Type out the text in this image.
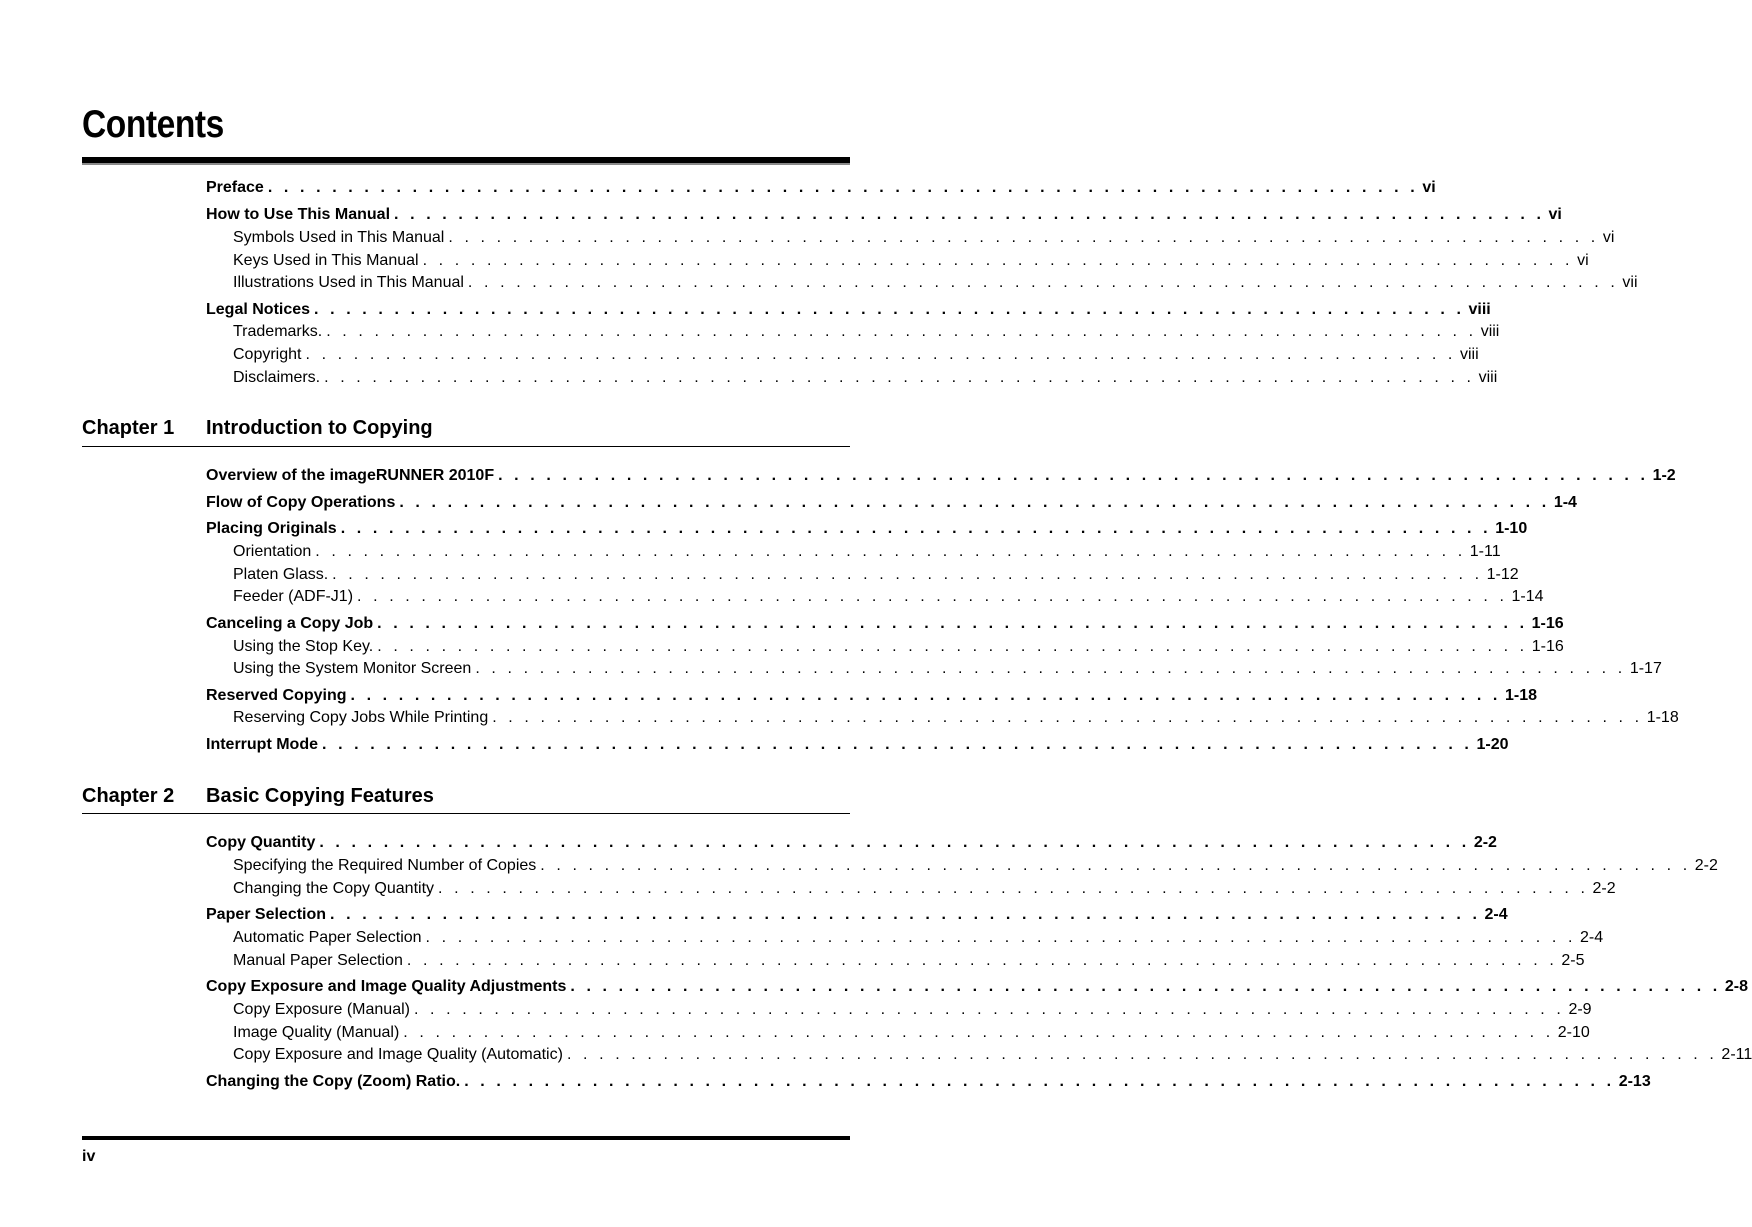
Contents
Preface . . . . . . . . . . . . . . . . . . . . . . . . . . . . . . . . . . . . . . . . . . . . . . . . . . . . . . . . . . . . . . . . . . . . . . . . vi
How to Use This Manual . . . . . . . . . . . . . . . . . . . . . . . . . . . . . . . . . . . . . . . . . . . . . . . . . . . . . . . . . . . . . . . . . . . . . . . . vi
Symbols Used in This Manual . . . . . . . . . . . . . . . . . . . . . . . . . . . . . . . . . . . . . . . . . . . . . . . . . . . . . . . . . . . . . . . . . . . . . . . . vi
Keys Used in This Manual . . . . . . . . . . . . . . . . . . . . . . . . . . . . . . . . . . . . . . . . . . . . . . . . . . . . . . . . . . . . . . . . . . . . . . . . vi
Illustrations Used in This Manual . . . . . . . . . . . . . . . . . . . . . . . . . . . . . . . . . . . . . . . . . . . . . . . . . . . . . . . . . . . . . . . . . . . . . . . . vii
Legal Notices . . . . . . . . . . . . . . . . . . . . . . . . . . . . . . . . . . . . . . . . . . . . . . . . . . . . . . . . . . . . . . . . . . . . . . . . viii
Trademarks. . . . . . . . . . . . . . . . . . . . . . . . . . . . . . . . . . . . . . . . . . . . . . . . . . . . . . . . . . . . . . . . . . . . . . . . . viii
Copyright . . . . . . . . . . . . . . . . . . . . . . . . . . . . . . . . . . . . . . . . . . . . . . . . . . . . . . . . . . . . . . . . . . . . . . . . viii
Disclaimers. . . . . . . . . . . . . . . . . . . . . . . . . . . . . . . . . . . . . . . . . . . . . . . . . . . . . . . . . . . . . . . . . . . . . . . . . viii
Chapter 1 Introduction to Copying
Overview of the imageRUNNER 2010F . . . . . . . . . . . . . . . . . . . . . . . . . . . . . . . . . . . . . . . . . . . . . . . . . . . . . . . . . . . . . . . . . . . . . . . . 1-2
Flow of Copy Operations . . . . . . . . . . . . . . . . . . . . . . . . . . . . . . . . . . . . . . . . . . . . . . . . . . . . . . . . . . . . . . . . . . . . . . . . 1-4
Placing Originals . . . . . . . . . . . . . . . . . . . . . . . . . . . . . . . . . . . . . . . . . . . . . . . . . . . . . . . . . . . . . . . . . . . . . . . . 1-10
Orientation . . . . . . . . . . . . . . . . . . . . . . . . . . . . . . . . . . . . . . . . . . . . . . . . . . . . . . . . . . . . . . . . . . . . . . . . 1-11
Platen Glass. . . . . . . . . . . . . . . . . . . . . . . . . . . . . . . . . . . . . . . . . . . . . . . . . . . . . . . . . . . . . . . . . . . . . . . . . 1-12
Feeder (ADF-J1) . . . . . . . . . . . . . . . . . . . . . . . . . . . . . . . . . . . . . . . . . . . . . . . . . . . . . . . . . . . . . . . . . . . . . . . . 1-14
Canceling a Copy Job . . . . . . . . . . . . . . . . . . . . . . . . . . . . . . . . . . . . . . . . . . . . . . . . . . . . . . . . . . . . . . . . . . . . . . . . 1-16
Using the Stop Key. . . . . . . . . . . . . . . . . . . . . . . . . . . . . . . . . . . . . . . . . . . . . . . . . . . . . . . . . . . . . . . . . . . . . . . . . 1-16
Using the System Monitor Screen . . . . . . . . . . . . . . . . . . . . . . . . . . . . . . . . . . . . . . . . . . . . . . . . . . . . . . . . . . . . . . . . . . . . . . . . 1-17
Reserved Copying . . . . . . . . . . . . . . . . . . . . . . . . . . . . . . . . . . . . . . . . . . . . . . . . . . . . . . . . . . . . . . . . . . . . . . . . 1-18
Reserving Copy Jobs While Printing . . . . . . . . . . . . . . . . . . . . . . . . . . . . . . . . . . . . . . . . . . . . . . . . . . . . . . . . . . . . . . . . . . . . . . . . 1-18
Interrupt Mode . . . . . . . . . . . . . . . . . . . . . . . . . . . . . . . . . . . . . . . . . . . . . . . . . . . . . . . . . . . . . . . . . . . . . . . . 1-20
Chapter 2 Basic Copying Features
Copy Quantity . . . . . . . . . . . . . . . . . . . . . . . . . . . . . . . . . . . . . . . . . . . . . . . . . . . . . . . . . . . . . . . . . . . . . . . . 2-2
Specifying the Required Number of Copies . . . . . . . . . . . . . . . . . . . . . . . . . . . . . . . . . . . . . . . . . . . . . . . . . . . . . . . . . . . . . . . . . . . . . . . . 2-2
Changing the Copy Quantity . . . . . . . . . . . . . . . . . . . . . . . . . . . . . . . . . . . . . . . . . . . . . . . . . . . . . . . . . . . . . . . . . . . . . . . . 2-2
Paper Selection . . . . . . . . . . . . . . . . . . . . . . . . . . . . . . . . . . . . . . . . . . . . . . . . . . . . . . . . . . . . . . . . . . . . . . . . 2-4
Automatic Paper Selection . . . . . . . . . . . . . . . . . . . . . . . . . . . . . . . . . . . . . . . . . . . . . . . . . . . . . . . . . . . . . . . . . . . . . . . . 2-4
Manual Paper Selection . . . . . . . . . . . . . . . . . . . . . . . . . . . . . . . . . . . . . . . . . . . . . . . . . . . . . . . . . . . . . . . . . . . . . . . . 2-5
Copy Exposure and Image Quality Adjustments . . . . . . . . . . . . . . . . . . . . . . . . . . . . . . . . . . . . . . . . . . . . . . . . . . . . . . . . . . . . . . . . . . . . . . . . 2-8
Copy Exposure (Manual) . . . . . . . . . . . . . . . . . . . . . . . . . . . . . . . . . . . . . . . . . . . . . . . . . . . . . . . . . . . . . . . . . . . . . . . . 2-9
Image Quality (Manual) . . . . . . . . . . . . . . . . . . . . . . . . . . . . . . . . . . . . . . . . . . . . . . . . . . . . . . . . . . . . . . . . . . . . . . . . 2-10
Copy Exposure and Image Quality (Automatic) . . . . . . . . . . . . . . . . . . . . . . . . . . . . . . . . . . . . . . . . . . . . . . . . . . . . . . . . . . . . . . . . . . . . . . . . 2-11
Changing the Copy (Zoom) Ratio. . . . . . . . . . . . . . . . . . . . . . . . . . . . . . . . . . . . . . . . . . . . . . . . . . . . . . . . . . . . . . . . . . . . . . . . . 2-13
iv
